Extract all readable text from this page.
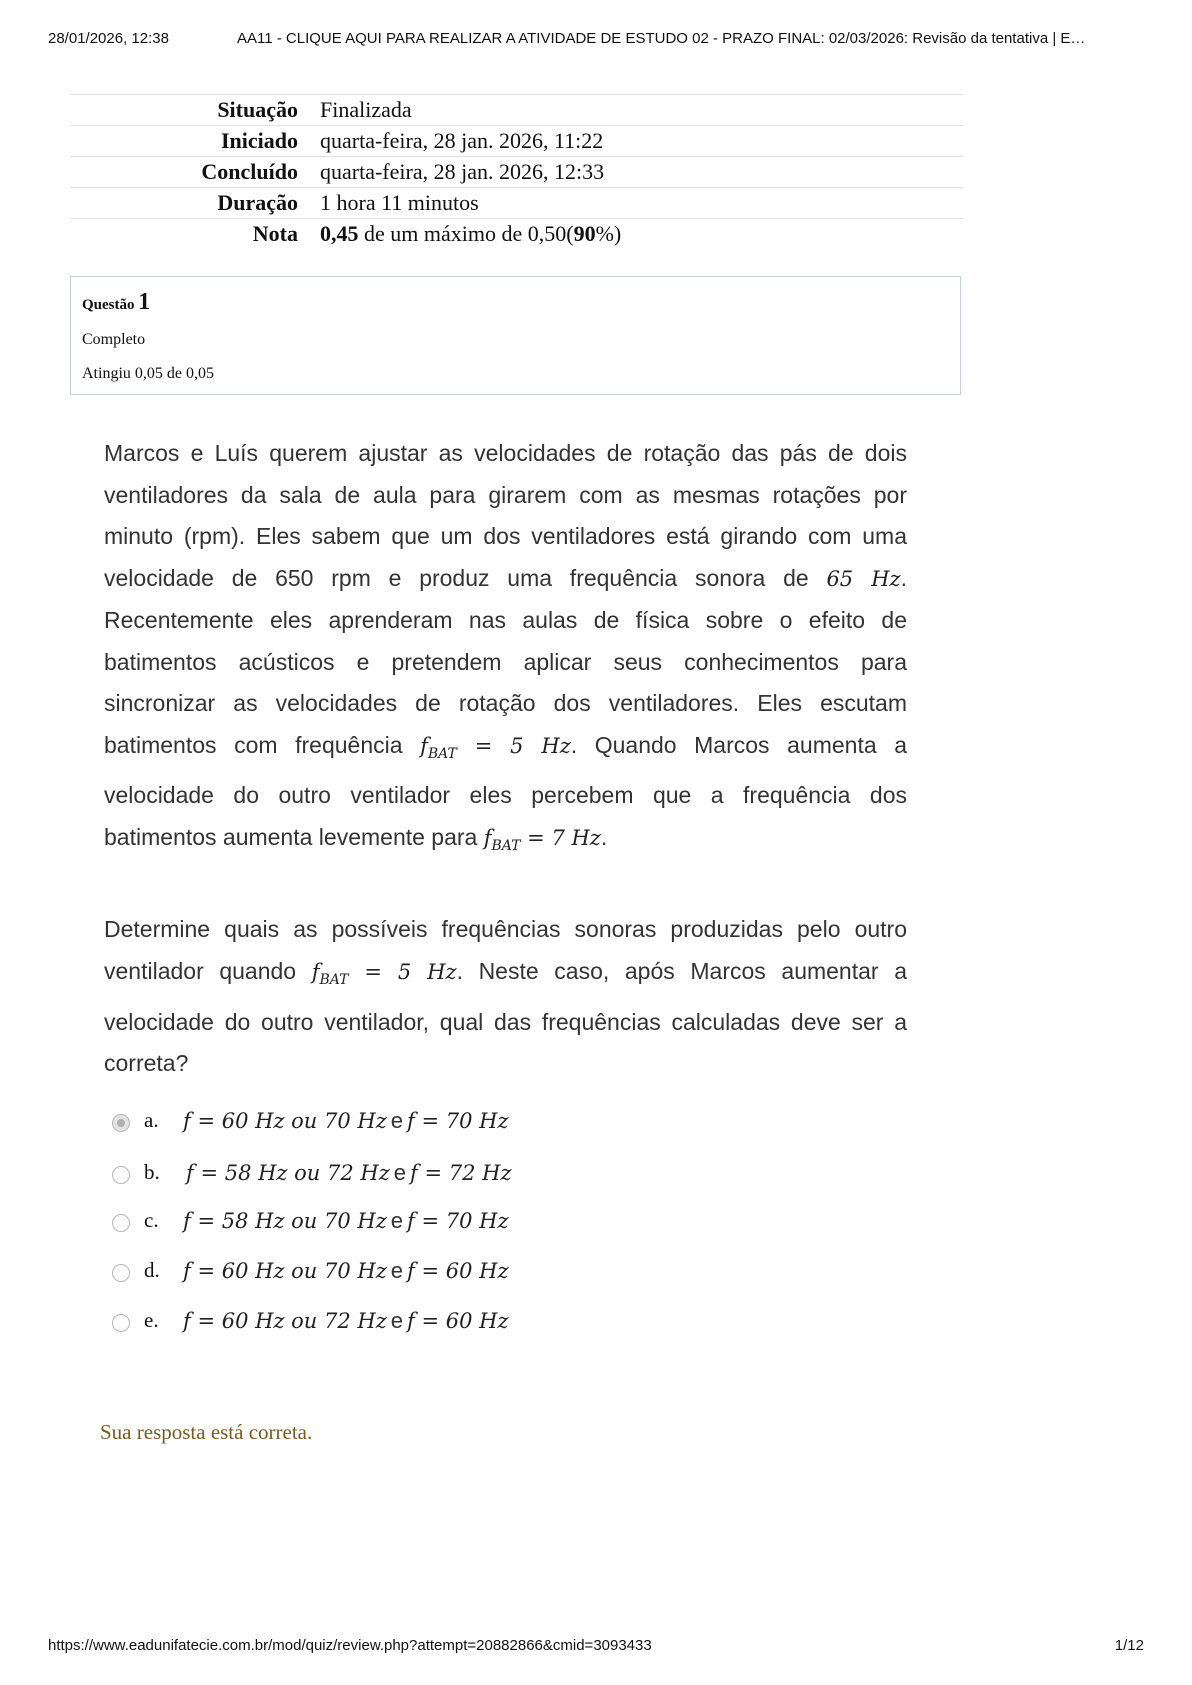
28/01/2026, 12:38	AA11 - CLIQUE AQUI PARA REALIZAR A ATIVIDADE DE ESTUDO 02 - PRAZO FINAL: 02/03/2026: Revisão da tentativa | E…
Situação	Finalizada
Iniciado	quarta-feira, 28 jan. 2026, 11:22
Concluído	quarta-feira, 28 jan. 2026, 12:33
Duração	1 hora 11 minutos
Nota	0,45 de um máximo de 0,50(90%)
Questão 1
Completo
Atingiu 0,05 de 0,05

Marcos e Luís querem ajustar as velocidades de rotação das pás de dois ventiladores da sala de aula para girarem com as mesmas rotações por minuto (rpm). Eles sabem que um dos ventiladores está girando com uma velocidade de 650 rpm e produz uma frequência sonora de 65 Hz. Recentemente eles aprenderam nas aulas de física sobre o efeito de batimentos acústicos e pretendem aplicar seus conhecimentos para sincronizar as velocidades de rotação dos ventiladores. Eles escutam batimentos com frequência $f_{BAT} = 5$ Hz. Quando Marcos aumenta a velocidade do outro ventilador eles percebem que a frequência dos batimentos aumenta levemente para $f_{BAT} = 7$ Hz.

Determine quais as possíveis frequências sonoras produzidas pelo outro ventilador quando $f_{BAT} = 5$ Hz. Neste caso, após Marcos aumentar a velocidade do outro ventilador, qual das frequências calculadas deve ser a correta?

a. f = 60 Hz ou 70 Hz e f = 70 Hz
b. f = 58 Hz ou 72 Hz e f = 72 Hz
c. f = 58 Hz ou 70 Hz e f = 70 Hz
d. f = 60 Hz ou 70 Hz e f = 60 Hz
e. f = 60 Hz ou 72 Hz e f = 60 Hz
Sua resposta está correta.
https://www.eadunifatecie.com.br/mod/quiz/review.php?attempt=20882866&cmid=3093433	1/12
